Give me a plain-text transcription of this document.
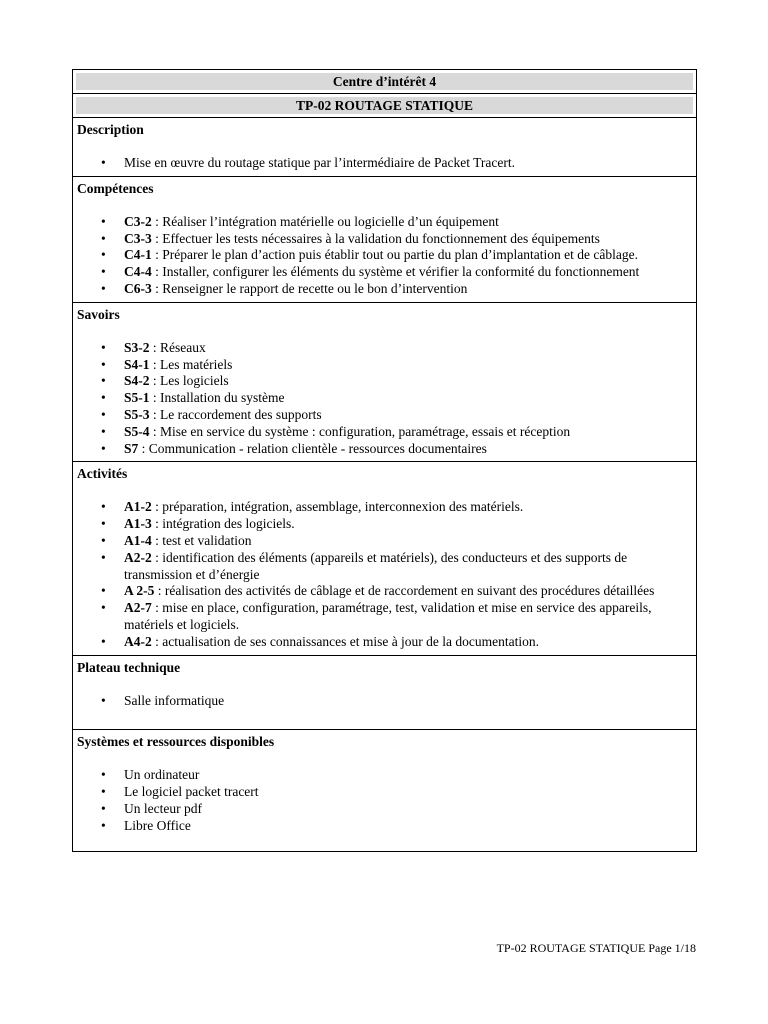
Centre d’intérêt 4
TP-02 ROUTAGE STATIQUE
Description
• Mise en œuvre du routage statique par l’intermédiaire de Packet Tracert.
Compétences
• C3-2 : Réaliser l’intégration matérielle ou logicielle d’un équipement
• C3-3 : Effectuer les tests nécessaires à la validation du fonctionnement des équipements
• C4-1 : Préparer le plan d’action puis établir tout ou partie du plan d’implantation et de câblage.
• C4-4 : Installer, configurer les éléments du système et vérifier la conformité du fonctionnement
• C6-3 : Renseigner le rapport de recette ou le bon d’intervention
Savoirs
• S3-2 : Réseaux
• S4-1 : Les matériels
• S4-2 : Les logiciels
• S5-1 : Installation du système
• S5-3 : Le raccordement des supports
• S5-4 : Mise en service du système : configuration, paramétrage, essais et réception
• S7 : Communication - relation clientèle - ressources documentaires
Activités
• A1-2 : préparation, intégration, assemblage, interconnexion des matériels.
• A1-3 : intégration des logiciels.
• A1-4 : test et validation
• A2-2 : identification des éléments (appareils et matériels), des conducteurs et des supports de transmission et d’énergie
• A 2-5 : réalisation des activités de câblage et de raccordement en suivant des procédures détaillées
• A2-7 : mise en place, configuration, paramétrage, test, validation et mise en service des appareils, matériels et logiciels.
• A4-2 : actualisation de ses connaissances et mise à jour de la documentation.
Plateau technique
• Salle informatique
Systèmes et ressources disponibles
• Un ordinateur
• Le logiciel packet tracert
• Un lecteur pdf
• Libre Office
TP-02 ROUTAGE STATIQUE Page 1/18
